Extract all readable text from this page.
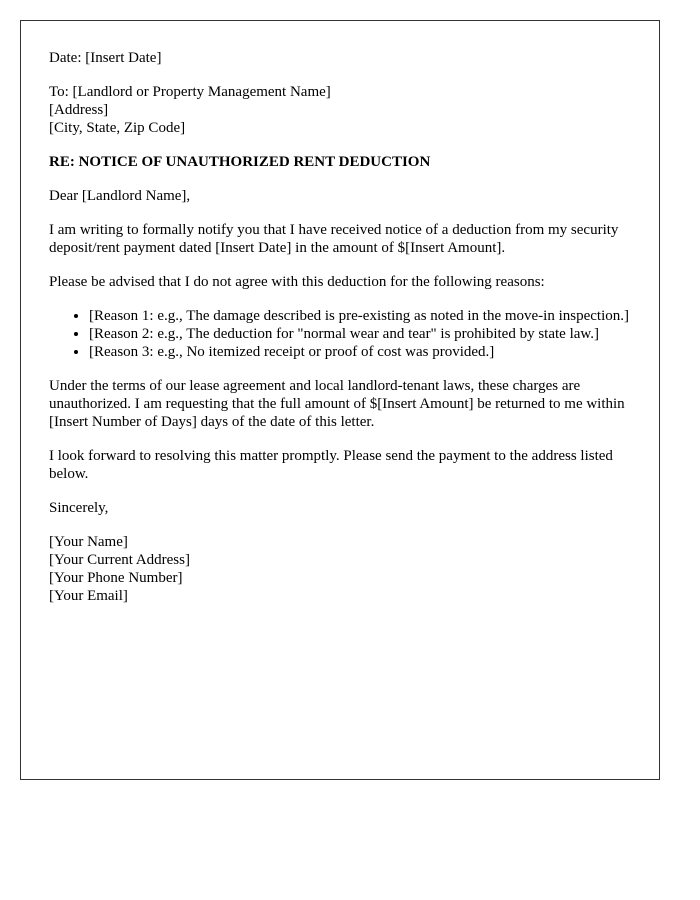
Date: [Insert Date]

To: [Landlord or Property Management Name]
[Address]
[City, State, Zip Code]

RE: NOTICE OF UNAUTHORIZED RENT DEDUCTION

Dear [Landlord Name],

I am writing to formally notify you that I have received notice of a deduction from my security deposit/rent payment dated [Insert Date] in the amount of $[Insert Amount].

Please be advised that I do not agree with this deduction for the following reasons:

• [Reason 1: e.g., The damage described is pre-existing as noted in the move-in inspection.]
• [Reason 2: e.g., The deduction for "normal wear and tear" is prohibited by state law.]
• [Reason 3: e.g., No itemized receipt or proof of cost was provided.]

Under the terms of our lease agreement and local landlord-tenant laws, these charges are unauthorized. I am requesting that the full amount of $[Insert Amount] be returned to me within [Insert Number of Days] days of the date of this letter.

I look forward to resolving this matter promptly. Please send the payment to the address listed below.

Sincerely,

[Your Name]
[Your Current Address]
[Your Phone Number]
[Your Email]
